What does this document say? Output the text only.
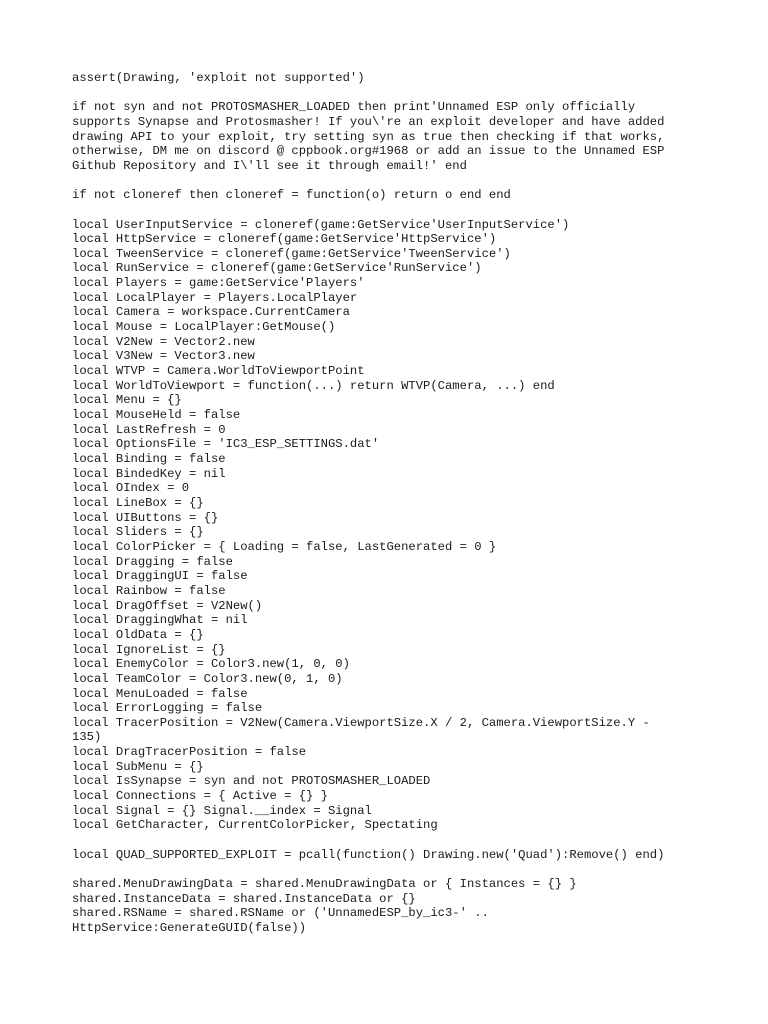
assert(Drawing, 'exploit not supported')
if not syn and not PROTOSMASHER_LOADED then print'Unnamed ESP only officially
supports Synapse and Protosmasher! If you\'re an exploit developer and have added
drawing API to your exploit, try setting syn as true then checking if that works,
otherwise, DM me on discord @ cppbook.org#1968 or add an issue to the Unnamed ESP
Github Repository and I\'ll see it through email!' end
if not cloneref then cloneref = function(o) return o end end
local UserInputService = cloneref(game:GetService'UserInputService')
local HttpService = cloneref(game:GetService'HttpService')
local TweenService = cloneref(game:GetService'TweenService')
local RunService = cloneref(game:GetService'RunService')
local Players = game:GetService'Players'
local LocalPlayer = Players.LocalPlayer
local Camera = workspace.CurrentCamera
local Mouse = LocalPlayer:GetMouse()
local V2New = Vector2.new
local V3New = Vector3.new
local WTVP = Camera.WorldToViewportPoint
local WorldToViewport = function(...) return WTVP(Camera, ...) end
local Menu = {}
local MouseHeld = false
local LastRefresh = 0
local OptionsFile = 'IC3_ESP_SETTINGS.dat'
local Binding = false
local BindedKey = nil
local OIndex = 0
local LineBox = {}
local UIButtons = {}
local Sliders = {}
local ColorPicker = { Loading = false, LastGenerated = 0 }
local Dragging = false
local DraggingUI = false
local Rainbow = false
local DragOffset = V2New()
local DraggingWhat = nil
local OldData = {}
local IgnoreList = {}
local EnemyColor = Color3.new(1, 0, 0)
local TeamColor = Color3.new(0, 1, 0)
local MenuLoaded = false
local ErrorLogging = false
local TracerPosition = V2New(Camera.ViewportSize.X / 2, Camera.ViewportSize.Y -
135)
local DragTracerPosition = false
local SubMenu = {}
local IsSynapse = syn and not PROTOSMASHER_LOADED
local Connections = { Active = {} }
local Signal = {} Signal.__index = Signal
local GetCharacter, CurrentColorPicker, Spectating
local QUAD_SUPPORTED_EXPLOIT = pcall(function() Drawing.new('Quad'):Remove() end)
shared.MenuDrawingData = shared.MenuDrawingData or { Instances = {} }
shared.InstanceData = shared.InstanceData or {}
shared.RSName = shared.RSName or ('UnnamedESP_by_ic3-' ..
HttpService:GenerateGUID(false))
